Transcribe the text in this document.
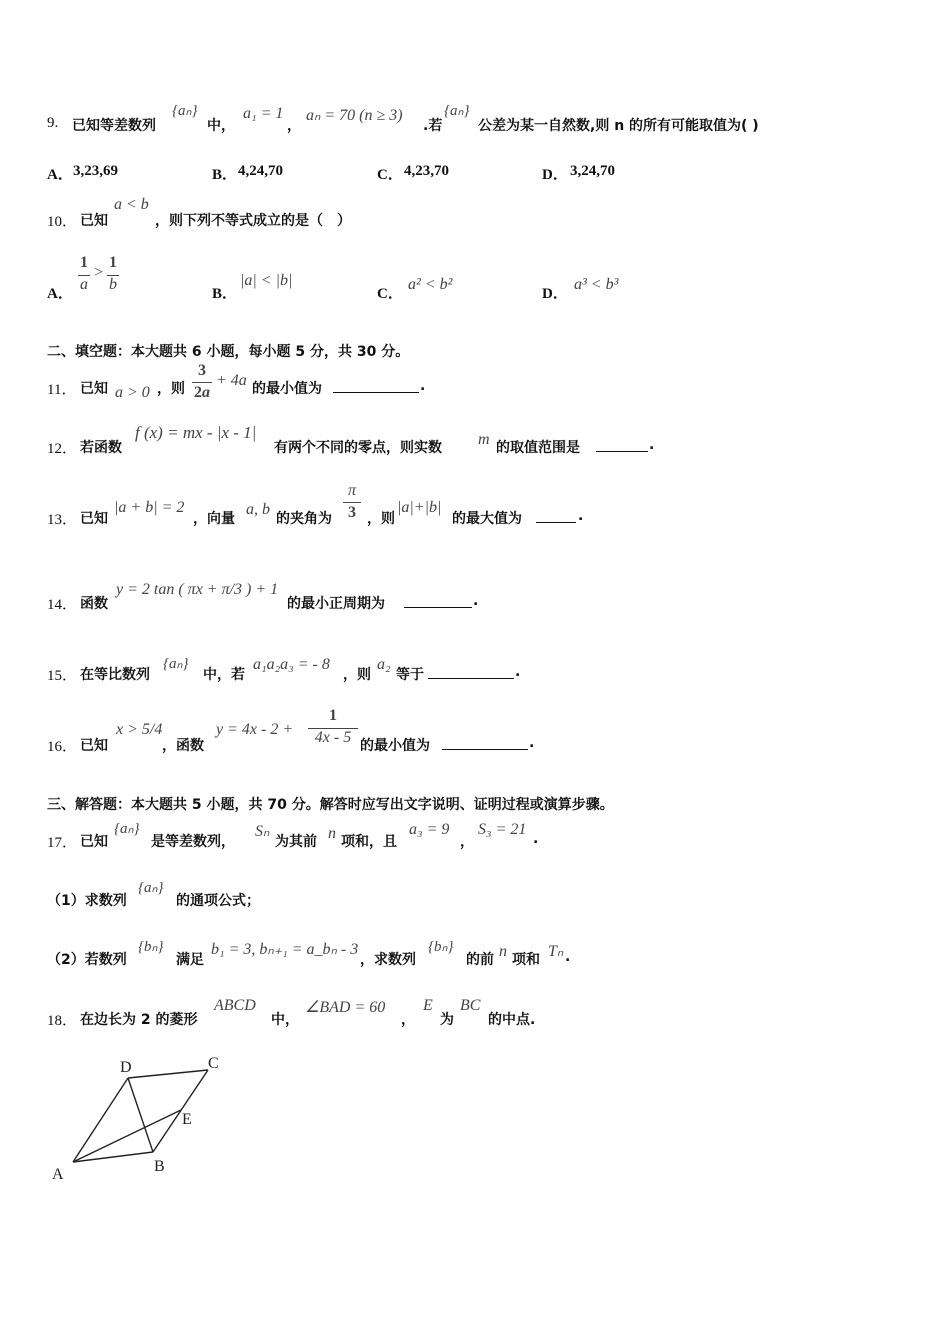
9. 已知等差数列
{aₙ}
中，
a₁ = 1
，
aₙ = 70 (n ≥ 3)
.若
{aₙ}
公差为某一自然数,则 n 的所有可能取值为( )
A． 3,23,69	B． 4,24,70	C． 4,23,70	D． 3,24,70
10． 已知
a < b
，则下列不等式成立的是（　）
A．
1
a
>
1
b
B．
|a| < |b|
C．
a² < b²
D．
a³ < b³
二、填空题：本大题共 6 小题，每小题 5 分，共 30 分。
11． 已知 a > 0 ，则
3
2a
+ 4a 的最小值为	.
12． 若函数
f (x) = mx - |x - 1|
有两个不同的零点，则实数 m 的取值范围是	.
13． 已知
|a + b| = 2
，向量
a, b
的夹角为
π
3 ，则
|a|+|b|
的最大值为	.
14． 函数
y = 2 tan ( πx + π/3 ) + 1
的最小正周期为	.
15． 在等比数列
{aₙ}
中，若
a₁a₂a₃ = - 8
，则
a₂
等于	.
16． 已知
x > 5/4
，函数
y = 4x - 2 +
1
4x - 5 的最小值为	.
三、解答题：本大题共 5 小题，共 70 分。解答时应写出文字说明、证明过程或演算步骤。
17． 已知
{aₙ}
是等差数列，
Sₙ
为其前 n 项和，且
a₃ = 9
，
S₃ = 21
.
（1）求数列
{aₙ}
的通项公式；
（2）若数列
{bₙ}
满足
b₁ = 3, bₙ₊₁ = a_bₙ - 3
，求数列
{bₙ}
的前 n 项和 Tₙ .
18． 在边长为 2 的菱形
ABCD
中，
∠BAD = 60
，
E
为
BC
的中点.
A	B
C
D
E
